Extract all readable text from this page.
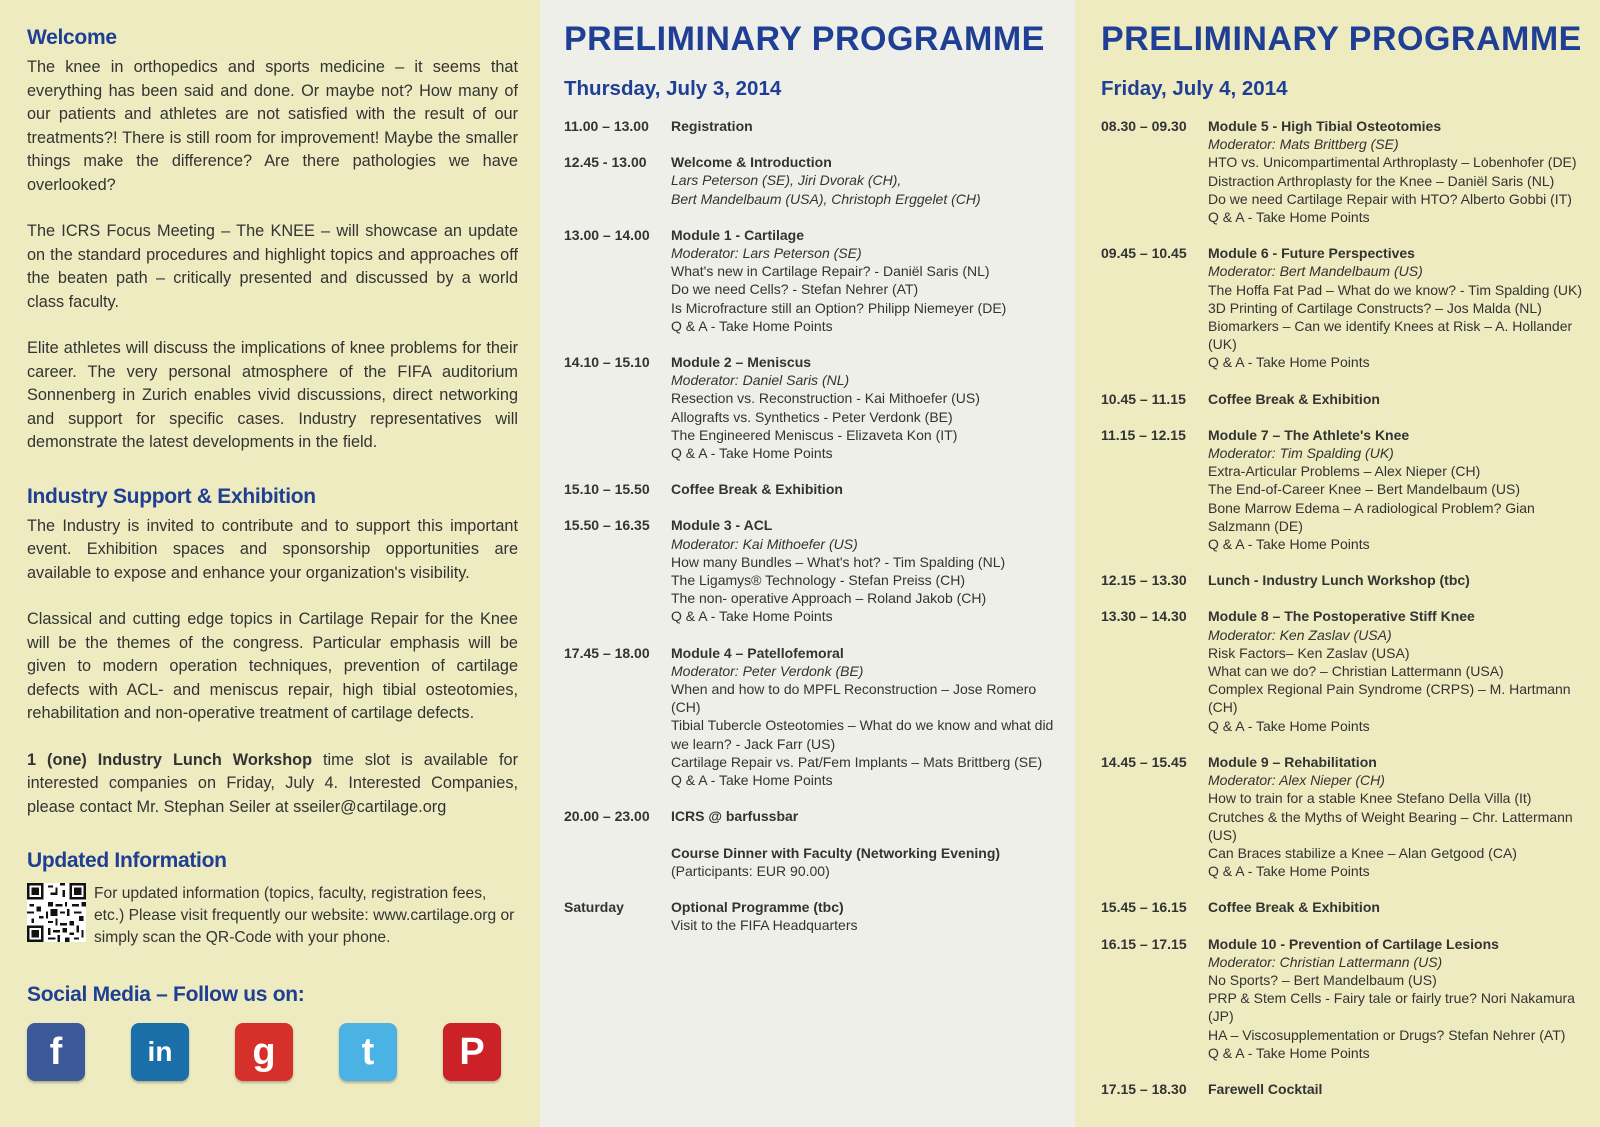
Welcome

The knee in orthopedics and sports medicine – it seems that everything has been said and done. Or maybe not? How many of our patients and athletes are not satisfied with the result of our treatments?! There is still room for improvement! Maybe the smaller things make the difference? Are there pathologies we have overlooked?

The ICRS Focus Meeting – The KNEE – will showcase an update on the standard procedures and highlight topics and approaches off the beaten path – critically presented and discussed by a world class faculty.

Elite athletes will discuss the implications of knee problems for their career. The very personal atmosphere of the FIFA auditorium Sonnenberg in Zurich enables vivid discussions, direct networking and support for specific cases. Industry representatives will demonstrate the latest developments in the field.

Industry Support & Exhibition

The Industry is invited to contribute and to support this important event. Exhibition spaces and sponsorship opportunities are available to expose and enhance your organization's visibility.

Classical and cutting edge topics in Cartilage Repair for the Knee will be the themes of the congress. Particular emphasis will be given to modern operation techniques, prevention of cartilage defects with ACL- and meniscus repair, high tibial osteotomies, rehabilitation and non-operative treatment of cartilage defects.

1 (one) Industry Lunch Workshop time slot is available for interested companies on Friday, July 4. Interested Companies, please contact Mr. Stephan Seiler at sseiler@cartilage.org

Updated Information
For updated information (topics, faculty, registration fees, etc.) Please visit frequently our website: www.cartilage.org or simply scan the QR-Code with your phone.
Social Media – Follow us on:
f	in	g	t	P
PRELIMINARY PROGRAMME
Thursday, July 3, 2014
11.00 – 13.00	Registration
12.45 - 13.00	Welcome & Introduction
Lars Peterson (SE), Jiri Dvorak (CH),
Bert Mandelbaum (USA), Christoph Erggelet (CH)
13.00 – 14.00	Module 1 - Cartilage
Moderator: Lars Peterson (SE)
What's new in Cartilage Repair? - Daniël Saris (NL)
Do we need Cells? - Stefan Nehrer (AT)
Is Microfracture still an Option? Philipp Niemeyer (DE)
Q & A - Take Home Points
14.10 – 15.10	Module 2 – Meniscus
Moderator: Daniel Saris (NL)
Resection vs. Reconstruction - Kai Mithoefer (US)
Allografts vs. Synthetics - Peter Verdonk (BE)
The Engineered Meniscus - Elizaveta Kon (IT)
Q & A - Take Home Points
15.10 – 15.50	Coffee Break & Exhibition
15.50 – 16.35	Module 3 - ACL
Moderator: Kai Mithoefer (US)
How many Bundles – What's hot? - Tim Spalding (NL)
The Ligamys® Technology - Stefan Preiss (CH)
The non- operative Approach – Roland Jakob (CH)
Q & A - Take Home Points
17.45 – 18.00	Module 4 – Patellofemoral
Moderator: Peter Verdonk (BE)
When and how to do MPFL Reconstruction – Jose Romero (CH)
Tibial Tubercle Osteotomies – What do we know and what did we learn? - Jack Farr (US)
Cartilage Repair vs. Pat/Fem Implants – Mats Brittberg (SE)
Q & A - Take Home Points
20.00 – 23.00	ICRS @ barfussbar
Course Dinner with Faculty (Networking Evening)
(Participants: EUR 90.00)
Saturday	Optional Programme (tbc)
Visit to the FIFA Headquarters
PRELIMINARY PROGRAMME
Friday, July 4, 2014
08.30 – 09.30	Module 5 - High Tibial Osteotomies
Moderator: Mats Brittberg (SE)
HTO vs. Unicompartimental Arthroplasty – Lobenhofer (DE)
Distraction Arthroplasty for the Knee – Daniël Saris (NL)
Do we need Cartilage Repair with HTO? Alberto Gobbi (IT)
Q & A - Take Home Points
09.45 – 10.45	Module 6 - Future Perspectives
Moderator: Bert Mandelbaum (US)
The Hoffa Fat Pad – What do we know? - Tim Spalding (UK)
3D Printing of Cartilage Constructs? – Jos Malda (NL)
Biomarkers – Can we identify Knees at Risk – A. Hollander (UK)
Q & A - Take Home Points
10.45 – 11.15	Coffee Break & Exhibition
11.15 – 12.15	Module 7 – The Athlete's Knee
Moderator: Tim Spalding (UK)
Extra-Articular Problems – Alex Nieper (CH)
The End-of-Career Knee – Bert Mandelbaum (US)
Bone Marrow Edema – A radiological Problem? Gian Salzmann (DE)
Q & A - Take Home Points
12.15 – 13.30	Lunch - Industry Lunch Workshop (tbc)
13.30 – 14.30	Module 8 – The Postoperative Stiff Knee
Moderator: Ken Zaslav (USA)
Risk Factors– Ken Zaslav (USA)
What can we do? – Christian Lattermann (USA)
Complex Regional Pain Syndrome (CRPS) – M. Hartmann (CH)
Q & A - Take Home Points
14.45 – 15.45	Module 9 – Rehabilitation
Moderator: Alex Nieper (CH)
How to train for a stable Knee Stefano Della Villa (It)
Crutches & the Myths of Weight Bearing – Chr. Lattermann (US)
Can Braces stabilize a Knee – Alan Getgood (CA)
Q & A - Take Home Points
15.45 – 16.15	Coffee Break & Exhibition
16.15 – 17.15	Module 10 - Prevention of Cartilage Lesions
Moderator: Christian Lattermann (US)
No Sports? – Bert Mandelbaum (US)
PRP & Stem Cells - Fairy tale or fairly true? Nori Nakamura (JP)
HA – Viscosupplementation or Drugs? Stefan Nehrer (AT)
Q & A - Take Home Points
17.15 – 18.30	Farewell Cocktail
